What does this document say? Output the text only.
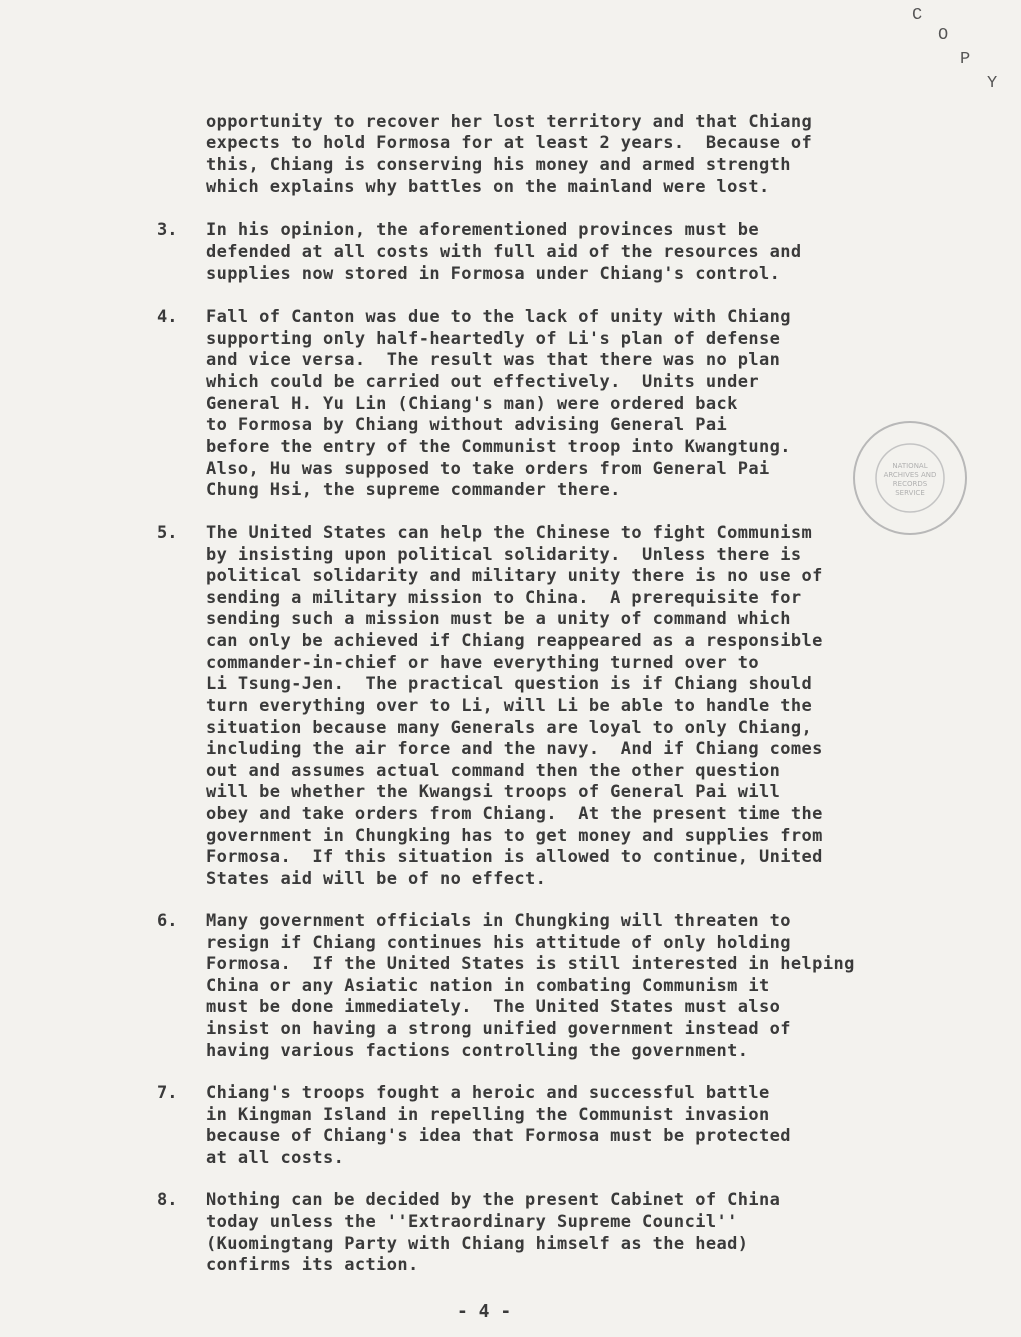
C
O
P
Y
opportunity to recover her lost territory and that Chiang
expects to hold Formosa for at least 2 years.  Because of
this, Chiang is conserving his money and armed strength
which explains why battles on the mainland were lost.
3. In his opinion, the aforementioned provinces must be
defended at all costs with full aid of the resources and
supplies now stored in Formosa under Chiang's control.
4. Fall of Canton was due to the lack of unity with Chiang
supporting only half-heartedly of Li's plan of defense
and vice versa.  The result was that there was no plan
which could be carried out effectively.  Units under
General H. Yu Lin (Chiang's man) were ordered back
to Formosa by Chiang without advising General Pai
before the entry of the Communist troop into Kwangtung.
Also, Hu was supposed to take orders from General Pai
Chung Hsi, the supreme commander there.
5. The United States can help the Chinese to fight Communism
by insisting upon political solidarity.  Unless there is
political solidarity and military unity there is no use of
sending a military mission to China.  A prerequisite for
sending such a mission must be a unity of command which
can only be achieved if Chiang reappeared as a responsible
commander-in-chief or have everything turned over to
Li Tsung-Jen.  The practical question is if Chiang should
turn everything over to Li, will Li be able to handle the
situation because many Generals are loyal to only Chiang,
including the air force and the navy.  And if Chiang comes
out and assumes actual command then the other question
will be whether the Kwangsi troops of General Pai will
obey and take orders from Chiang.  At the present time the
government in Chungking has to get money and supplies from
Formosa.  If this situation is allowed to continue, United
States aid will be of no effect.
6. Many government officials in Chungking will threaten to
resign if Chiang continues his attitude of only holding
Formosa.  If the United States is still interested in helping
China or any Asiatic nation in combating Communism it
must be done immediately.  The United States must also
insist on having a strong unified government instead of
having various factions controlling the government.
7. Chiang's troops fought a heroic and successful battle
in Kingman Island in repelling the Communist invasion
because of Chiang's idea that Formosa must be protected
at all costs.
8. Nothing can be decided by the present Cabinet of China
today unless the ''Extraordinary Supreme Council''
(Kuomingtang Party with Chiang himself as the head)
confirms its action.
- 4 -
NATIONAL
ARCHIVES AND
RECORDS
SERVICE
